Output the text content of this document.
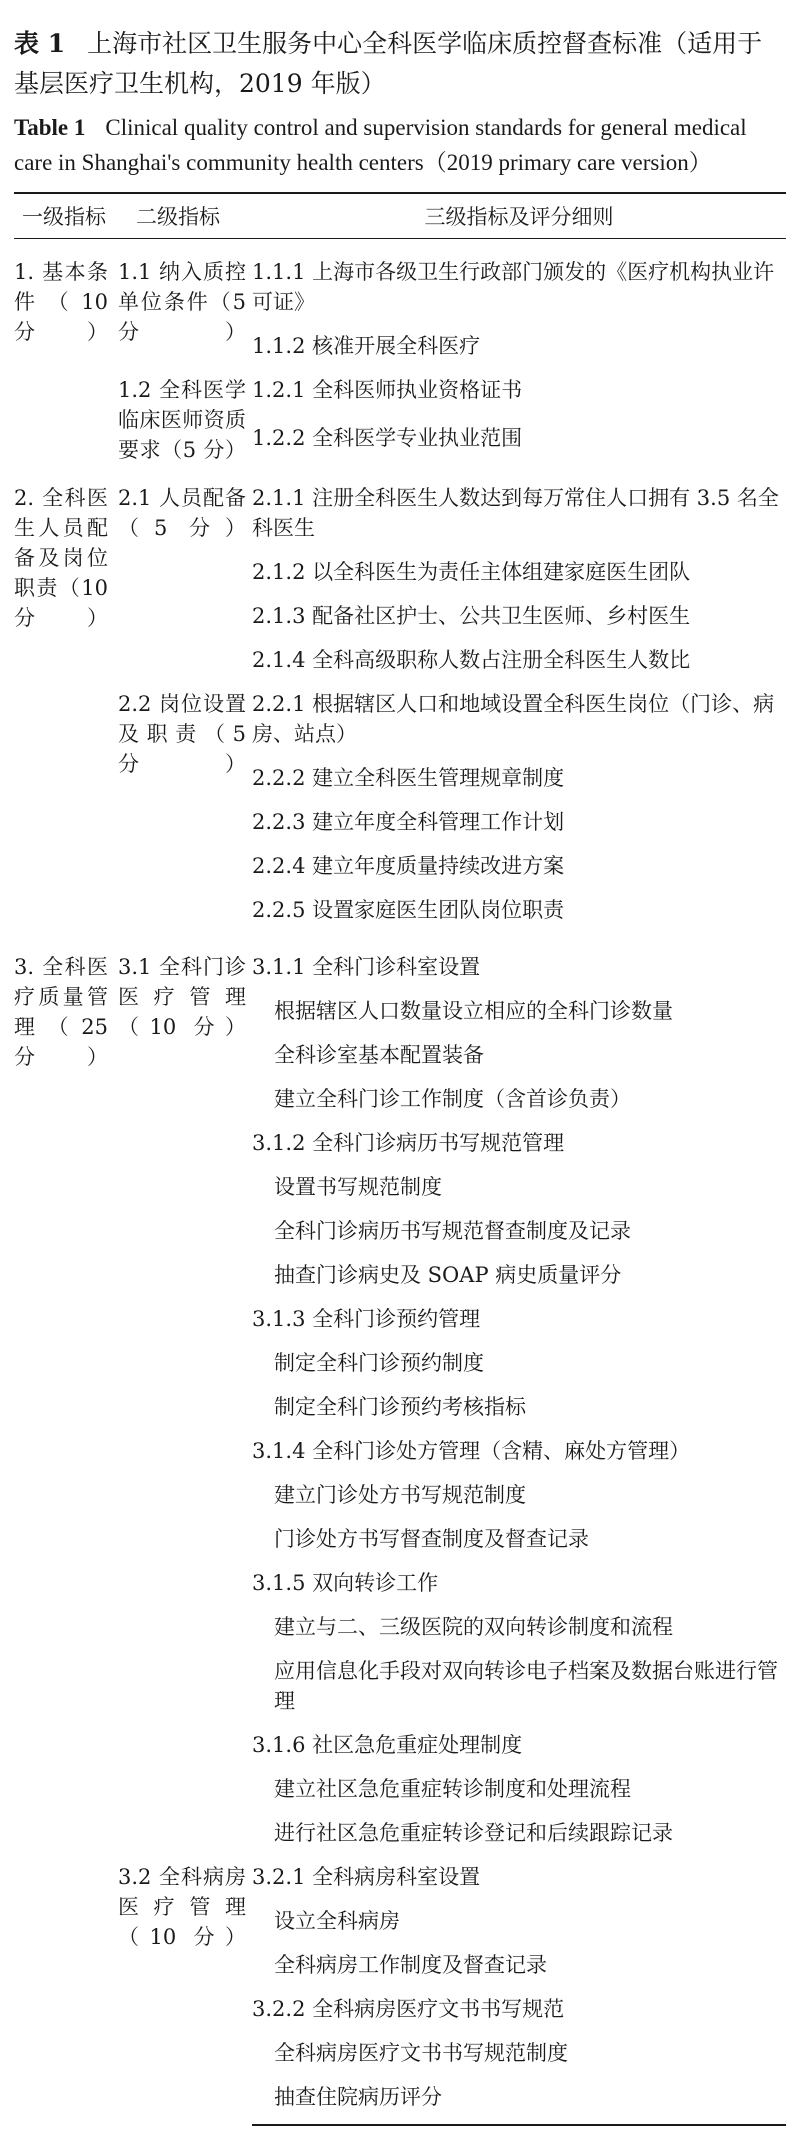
表 1 上海市社区卫生服务中心全科医学临床质控督查标准（适用于基层医疗卫生机构，2019 年版）

Table 1 Clinical quality control and supervision standards for general medical care in Shanghai's community health centers（2019 primary care version）

一级指标	二级指标	三级指标及评分细则
1. 基本条件（10 分）	1.1 纳入质控单位条件（5 分）	1.1.1 上海市各级卫生行政部门颁发的《医疗机构执业许可证》
		1.1.2 核准开展全科医疗
	1.2 全科医学临床医师资质要求（5 分）	1.2.1 全科医师执业资格证书
		1.2.2 全科医学专业执业范围
2. 全科医生人员配备及岗位职责（10 分）	2.1 人员配备（5 分）	2.1.1 注册全科医生人数达到每万常住人口拥有 3.5 名全科医生
		2.1.2 以全科医生为责任主体组建家庭医生团队
		2.1.3 配备社区护士、公共卫生医师、乡村医生
		2.1.4 全科高级职称人数占注册全科医生人数比
	2.2 岗位设置及职责（5 分）	2.2.1 根据辖区人口和地域设置全科医生岗位（门诊、病房、站点）
		2.2.2 建立全科医生管理规章制度
		2.2.3 建立年度全科管理工作计划
		2.2.4 建立年度质量持续改进方案
		2.2.5 设置家庭医生团队岗位职责
3. 全科医疗质量管理（25 分）	3.1 全科门诊医疗管理（10 分）	3.1.1 全科门诊科室设置
		根据辖区人口数量设立相应的全科门诊数量
		全科诊室基本配置装备
		建立全科门诊工作制度（含首诊负责）
		3.1.2 全科门诊病历书写规范管理
		设置书写规范制度
		全科门诊病历书写规范督查制度及记录
		抽查门诊病史及 SOAP 病史质量评分
		3.1.3 全科门诊预约管理
		制定全科门诊预约制度
		制定全科门诊预约考核指标
		3.1.4 全科门诊处方管理（含精、麻处方管理）
		建立门诊处方书写规范制度
		门诊处方书写督查制度及督查记录
		3.1.5 双向转诊工作
		建立与二、三级医院的双向转诊制度和流程
		应用信息化手段对双向转诊电子档案及数据台账进行管理
		3.1.6 社区急危重症处理制度
		建立社区急危重症转诊制度和处理流程
		进行社区急危重症转诊登记和后续跟踪记录
	3.2 全科病房医疗管理（10 分）	3.2.1 全科病房科室设置
		设立全科病房
		全科病房工作制度及督查记录
		3.2.2 全科病房医疗文书书写规范
		全科病房医疗文书书写规范制度
		抽查住院病历评分
